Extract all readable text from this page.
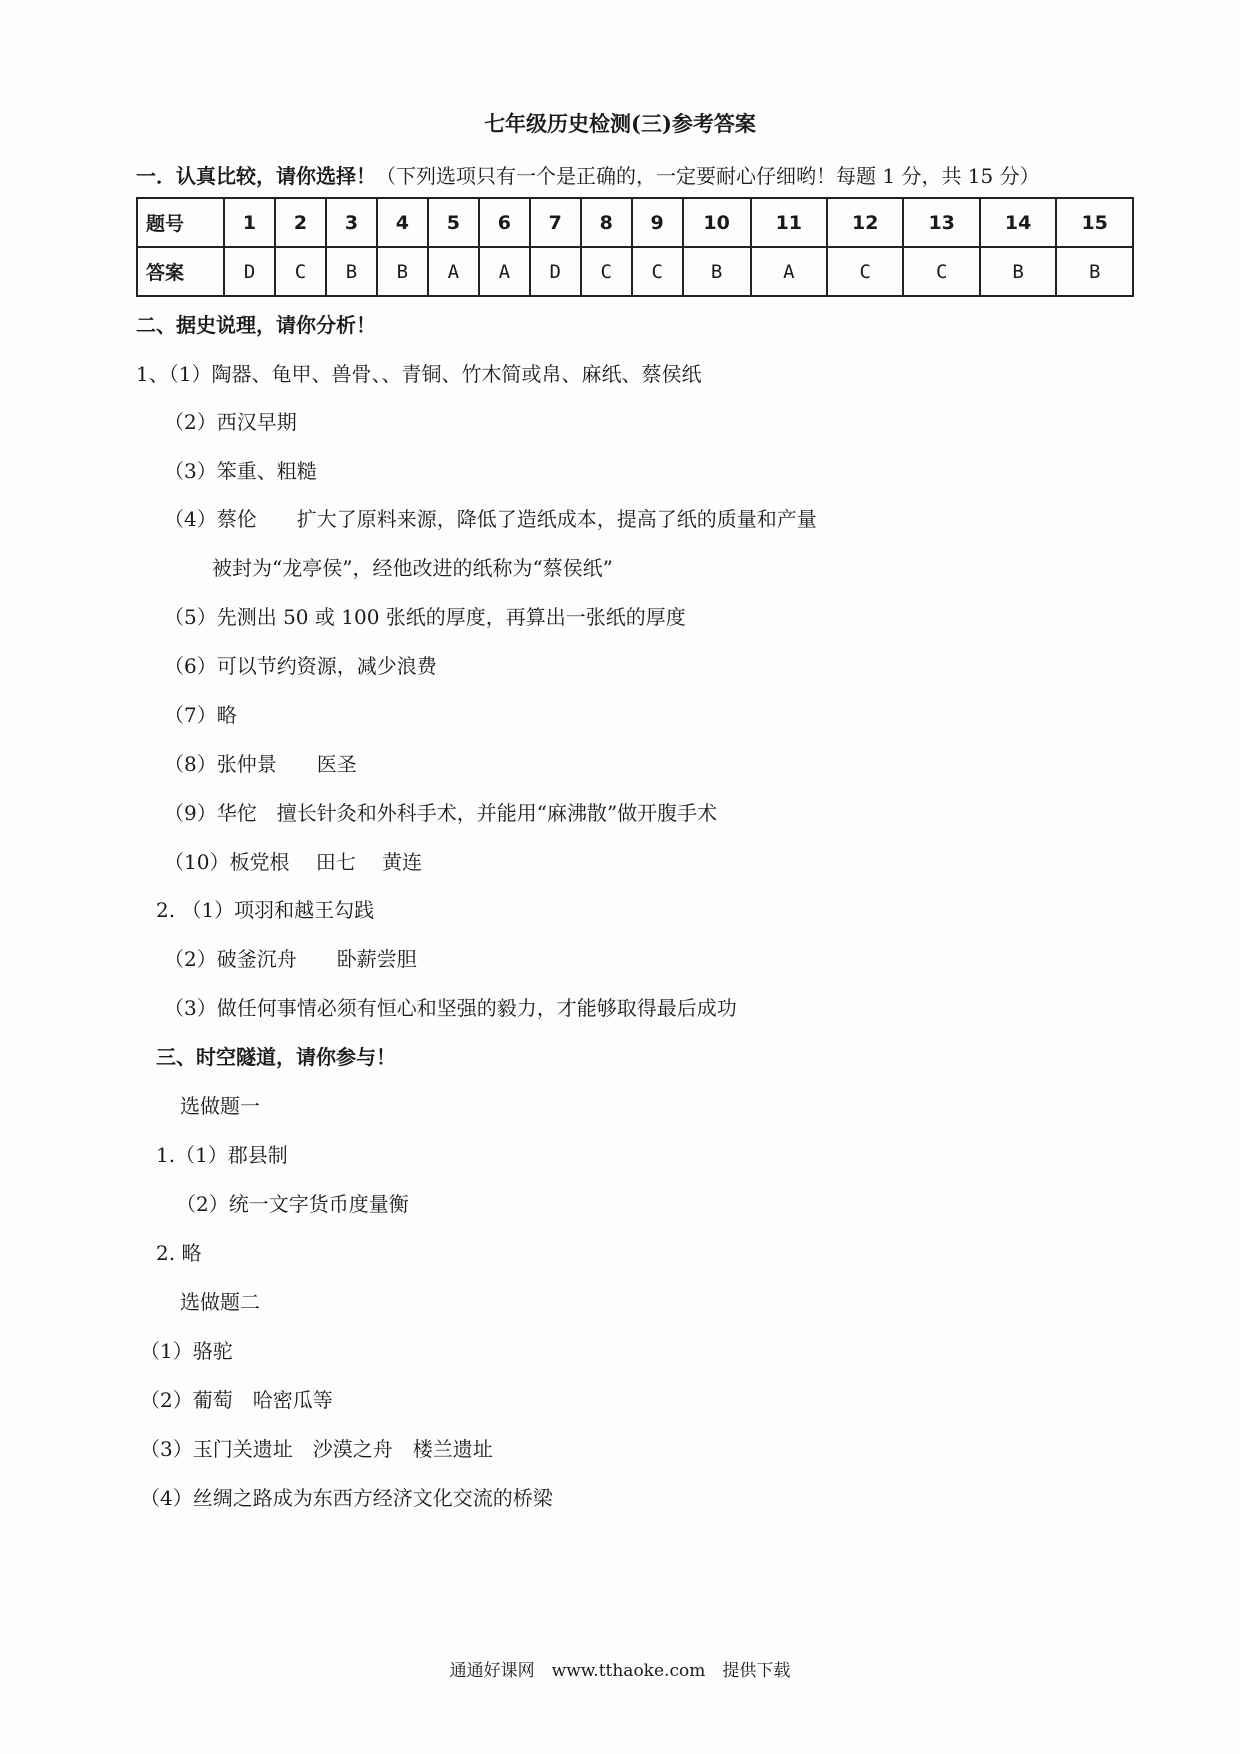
七年级历史检测(三)参考答案
一．认真比较，请你选择！（下列选项只有一个是正确的，一定要耐心仔细哟！每题 1 分，共 15 分）
题号	1	2	3	4	5	6	7	8	9	10	11	12	13	14	15
答案	D	C	B	B	A	A	D	C	C	B	A	C	C	B	B
二、据史说理，请你分析！
1、（1）陶器、龟甲、兽骨、、青铜、竹木简或帛、麻纸、蔡侯纸
（2）西汉早期
（3）笨重、粗糙
（4）蔡伦　　扩大了原料来源，降低了造纸成本，提高了纸的质量和产量
被封为“龙亭侯”，经他改进的纸称为“蔡侯纸”
（5）先测出 50 或 100 张纸的厚度，再算出一张纸的厚度
（6）可以节约资源，减少浪费
（7）略
（8）张仲景　　医圣
（9）华佗　擅长针灸和外科手术，并能用“麻沸散”做开腹手术
（10）板党根　 田七　 黄连
2. （1）项羽和越王勾践
（2）破釜沉舟　　卧薪尝胆
（3）做任何事情必须有恒心和坚强的毅力，才能够取得最后成功
三、时空隧道，请你参与！
选做题一
1.（1）郡县制
（2）统一文字货币度量衡
2. 略
选做题二
（1）骆驼
（2）葡萄　哈密瓜等
（3）玉门关遗址　沙漠之舟　楼兰遗址
（4）丝绸之路成为东西方经济文化交流的桥梁
通通好课网　www.tthaoke.com　提供下载
